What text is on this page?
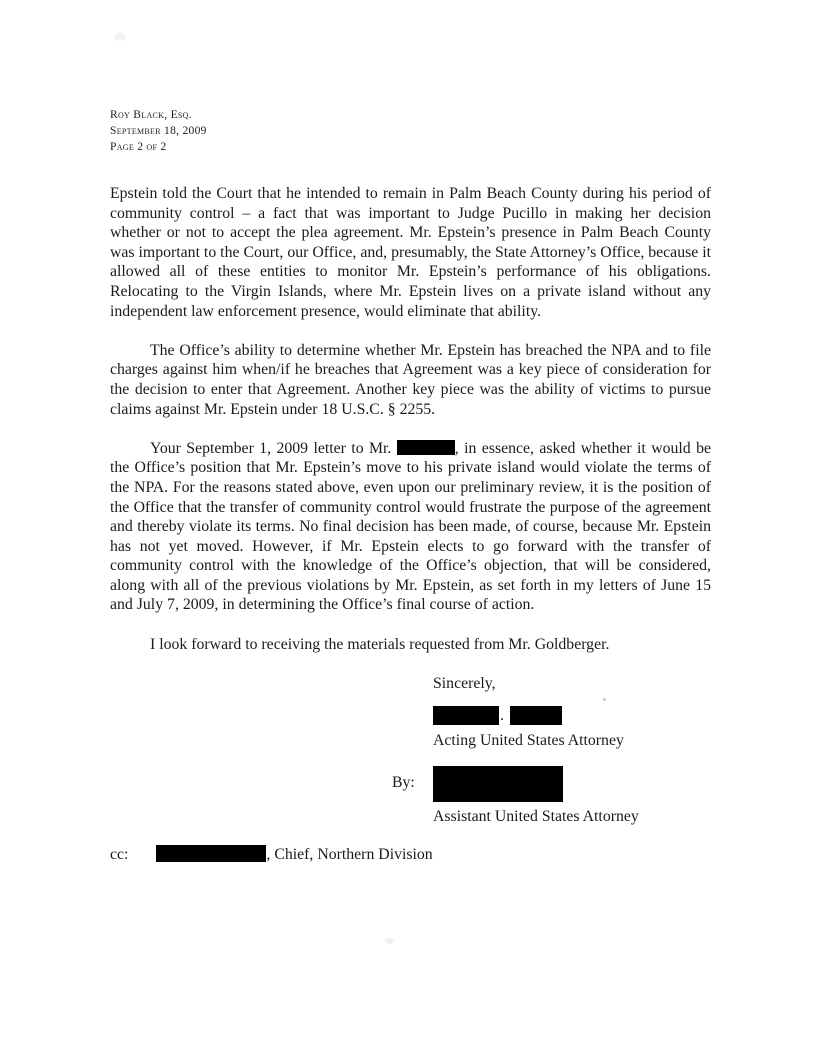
Roy Black, Esq.
September 18, 2009
Page 2 of 2

Epstein told the Court that he intended to remain in Palm Beach County during his period of community control – a fact that was important to Judge Pucillo in making her decision whether or not to accept the plea agreement. Mr. Epstein’s presence in Palm Beach County was important to the Court, our Office, and, presumably, the State Attorney’s Office, because it allowed all of these entities to monitor Mr. Epstein’s performance of his obligations. Relocating to the Virgin Islands, where Mr. Epstein lives on a private island without any independent law enforcement presence, would eliminate that ability.

The Office’s ability to determine whether Mr. Epstein has breached the NPA and to file charges against him when/if he breaches that Agreement was a key piece of consideration for the decision to enter that Agreement. Another key piece was the ability of victims to pursue claims against Mr. Epstein under 18 U.S.C. § 2255.

Your September 1, 2009 letter to Mr.	, in essence, asked whether it would be the Office’s position that Mr. Epstein’s move to his private island would violate the terms of the NPA. For the reasons stated above, even upon our preliminary review, it is the position of the Office that the transfer of community control would frustrate the purpose of the agreement and thereby violate its terms. No final decision has been made, of course, because Mr. Epstein has not yet moved. However, if Mr. Epstein elects to go forward with the transfer of community control with the knowledge of the Office’s objection, that will be considered, along with all of the previous violations by Mr. Epstein, as set forth in my letters of June 15 and July 7, 2009, in determining the Office’s final course of action.

I look forward to receiving the materials requested from Mr. Goldberger.

Sincerely,
.
Acting United States Attorney
By:
Assistant United States Attorney
cc:	, Chief, Northern Division
